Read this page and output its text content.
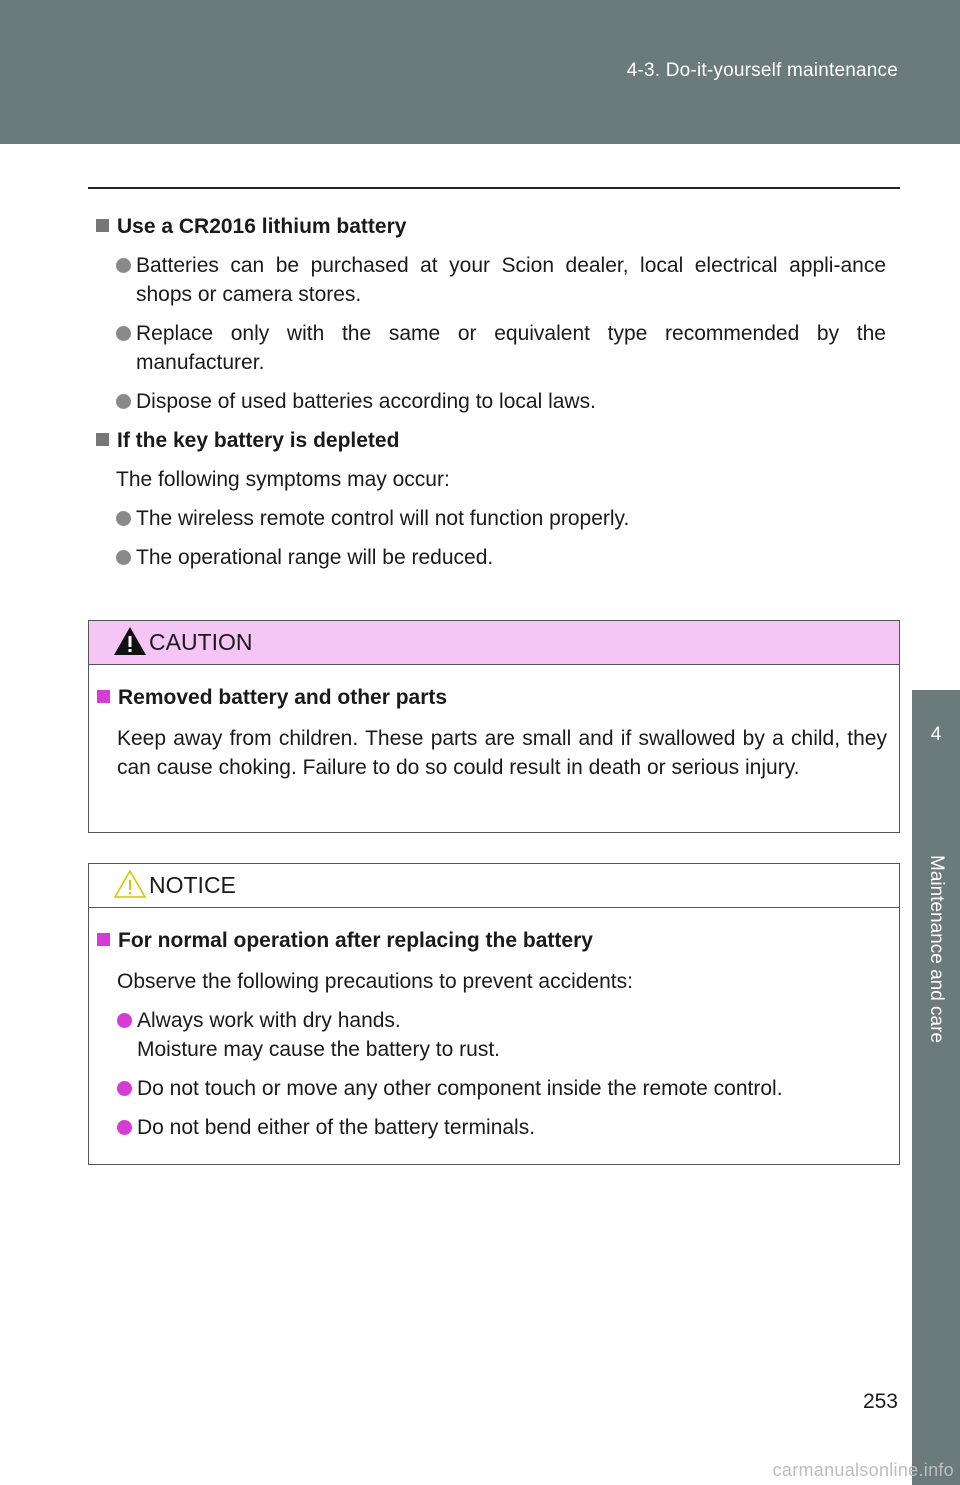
4-3. Do-it-yourself maintenance
4
Maintenance and care
Use a CR2016 lithium battery
Batteries can be purchased at your Scion dealer, local electrical appli-ance shops or camera stores.
Replace only with the same or equivalent type recommended by the manufacturer.
Dispose of used batteries according to local laws.
If the key battery is depleted
The following symptoms may occur:
The wireless remote control will not function properly.
The operational range will be reduced.
CAUTION
Removed battery and other parts
Keep away from children. These parts are small and if swallowed by a child, they can cause choking. Failure to do so could result in death or serious injury.
NOTICE
For normal operation after replacing the battery
Observe the following precautions to prevent accidents:
Always work with dry hands.
Moisture may cause the battery to rust.
Do not touch or move any other component inside the remote control.
Do not bend either of the battery terminals.
253
carmanualsonline.info
